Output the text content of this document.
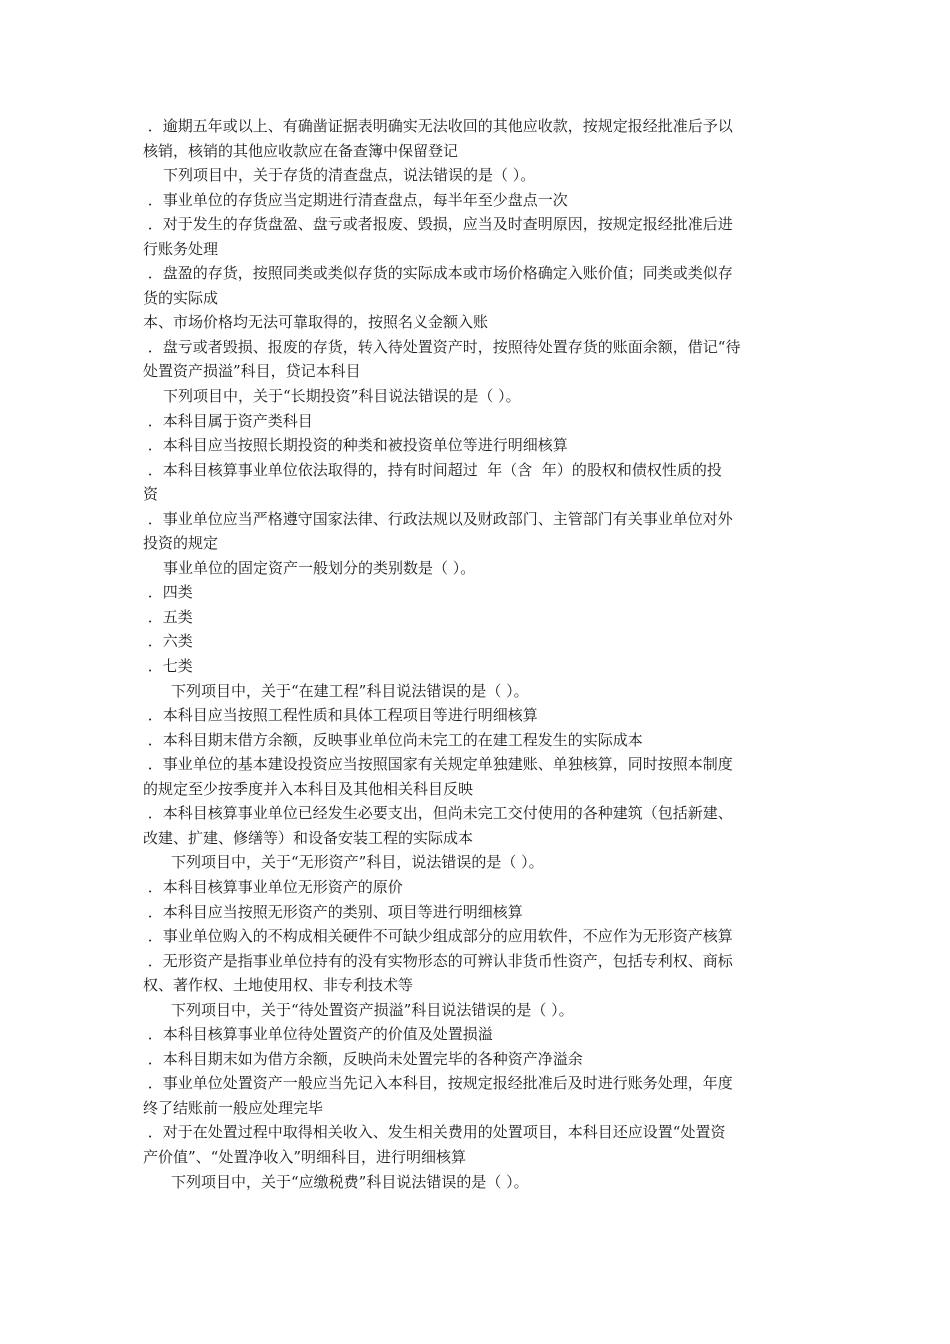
．逾期五年或以上、有确凿证据表明确实无法收回的其他应收款，按规定报经批准后予以
核销，核销的其他应收款应在备查簿中保留登记
下列项目中，关于存货的清查盘点，说法错误的是（ ）。
．事业单位的存货应当定期进行清查盘点，每半年至少盘点一次
．对于发生的存货盘盈、盘亏或者报废、毁损，应当及时查明原因，按规定报经批准后进
行账务处理
．盘盈的存货，按照同类或类似存货的实际成本或市场价格确定入账价值；同类或类似存
货的实际成
本、市场价格均无法可靠取得的，按照名义金额入账
．盘亏或者毁损、报废的存货，转入待处置资产时，按照待处置存货的账面余额，借记“待
处置资产损溢”科目，贷记本科目
下列项目中，关于“长期投资”科目说法错误的是（ ）。
．本科目属于资产类科目
．本科目应当按照长期投资的种类和被投资单位等进行明细核算
．本科目核算事业单位依法取得的，持有时间超过  年（含  年）的股权和债权性质的投
资
．事业单位应当严格遵守国家法律、行政法规以及财政部门、主管部门有关事业单位对外
投资的规定
事业单位的固定资产一般划分的类别数是（ ）。
．四类
．五类
．六类
．七类
下列项目中，关于“在建工程”科目说法错误的是（ ）。
．本科目应当按照工程性质和具体工程项目等进行明细核算
．本科目期末借方余额，反映事业单位尚未完工的在建工程发生的实际成本
．事业单位的基本建设投资应当按照国家有关规定单独建账、单独核算，同时按照本制度
的规定至少按季度并入本科目及其他相关科目反映
．本科目核算事业单位已经发生必要支出，但尚未完工交付使用的各种建筑（包括新建、
改建、扩建、修缮等）和设备安装工程的实际成本
下列项目中，关于“无形资产”科目，说法错误的是（ ）。
．本科目核算事业单位无形资产的原价
．本科目应当按照无形资产的类别、项目等进行明细核算
．事业单位购入的不构成相关硬件不可缺少组成部分的应用软件，不应作为无形资产核算
．无形资产是指事业单位持有的没有实物形态的可辨认非货币性资产，包括专利权、商标
权、著作权、土地使用权、非专利技术等
下列项目中，关于“待处置资产损溢”科目说法错误的是（ ）。
．本科目核算事业单位待处置资产的价值及处置损溢
．本科目期末如为借方余额，反映尚未处置完毕的各种资产净溢余
．事业单位处置资产一般应当先记入本科目，按规定报经批准后及时进行账务处理，年度
终了结账前一般应处理完毕
．对于在处置过程中取得相关收入、发生相关费用的处置项目，本科目还应设置“处置资
产价值”、“处置净收入”明细科目，进行明细核算
下列项目中，关于“应缴税费”科目说法错误的是（ ）。
